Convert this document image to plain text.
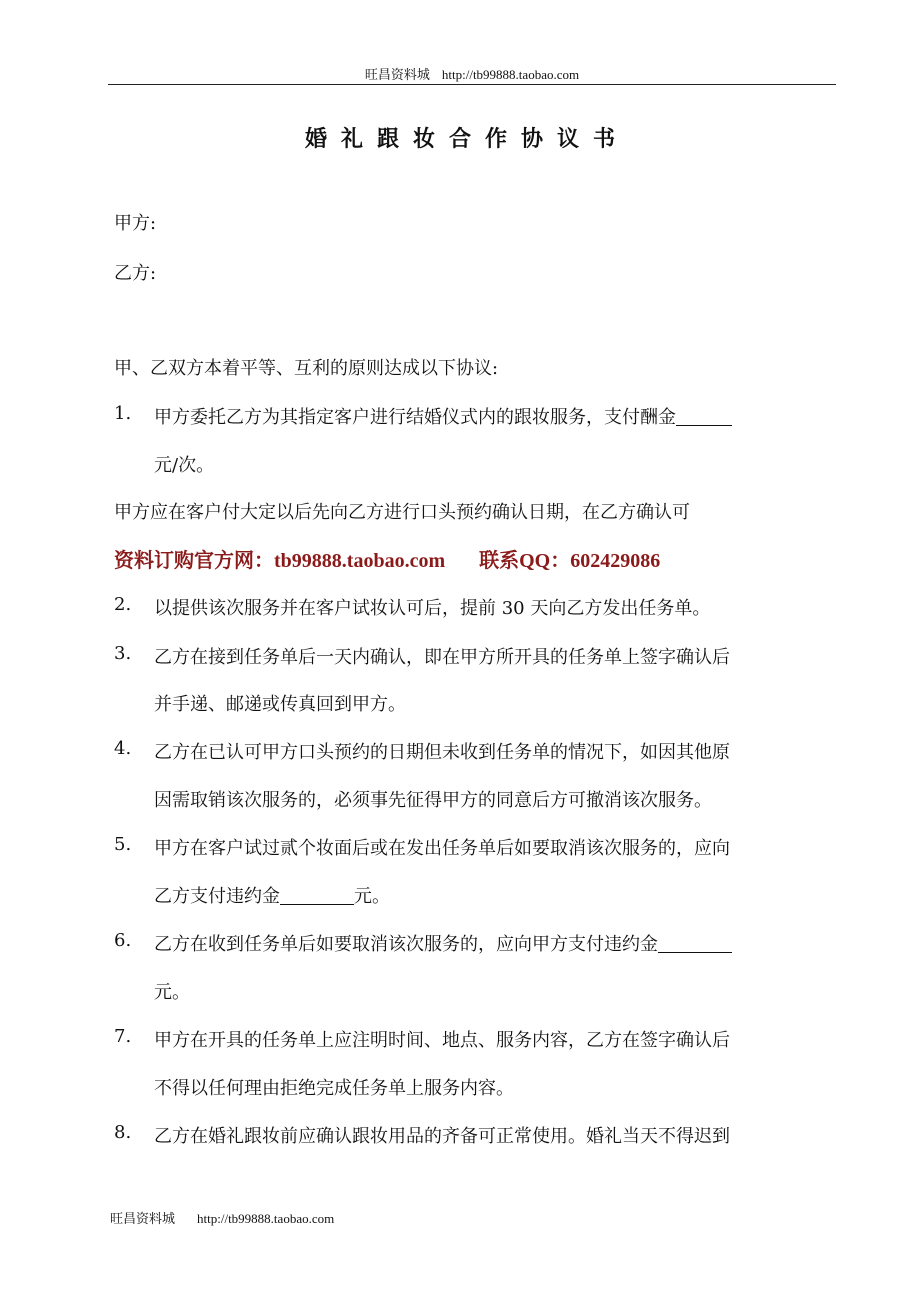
旺昌资料城 http://tb99888.taobao.com
婚礼跟妆合作协议书
甲方:
乙方:
甲、乙双方本着平等、互利的原则达成以下协议:
1. 甲方委托乙方为其指定客户进行结婚仪式内的跟妆服务，支付酬金
元/次。
甲方应在客户付大定以后先向乙方进行口头预约确认日期，在乙方确认可
资料订购官方网：tb99888.taobao.com 联系QQ：602429086
2. 以提供该次服务并在客户试妆认可后，提前 30 天向乙方发出任务单。
3. 乙方在接到任务单后一天内确认，即在甲方所开具的任务单上签字确认后
并手递、邮递或传真回到甲方。
4. 乙方在已认可甲方口头预约的日期但未收到任务单的情况下，如因其他原
因需取销该次服务的，必须事先征得甲方的同意后方可撤消该次服务。
5. 甲方在客户试过贰个妆面后或在发出任务单后如要取消该次服务的，应向
乙方支付违约金	元。
6. 乙方在收到任务单后如要取消该次服务的，应向甲方支付违约金
元。
7. 甲方在开具的任务单上应注明时间、地点、服务内容，乙方在签字确认后
不得以任何理由拒绝完成任务单上服务内容。
8. 乙方在婚礼跟妆前应确认跟妆用品的齐备可正常使用。婚礼当天不得迟到
旺昌资料城 http://tb99888.taobao.com
